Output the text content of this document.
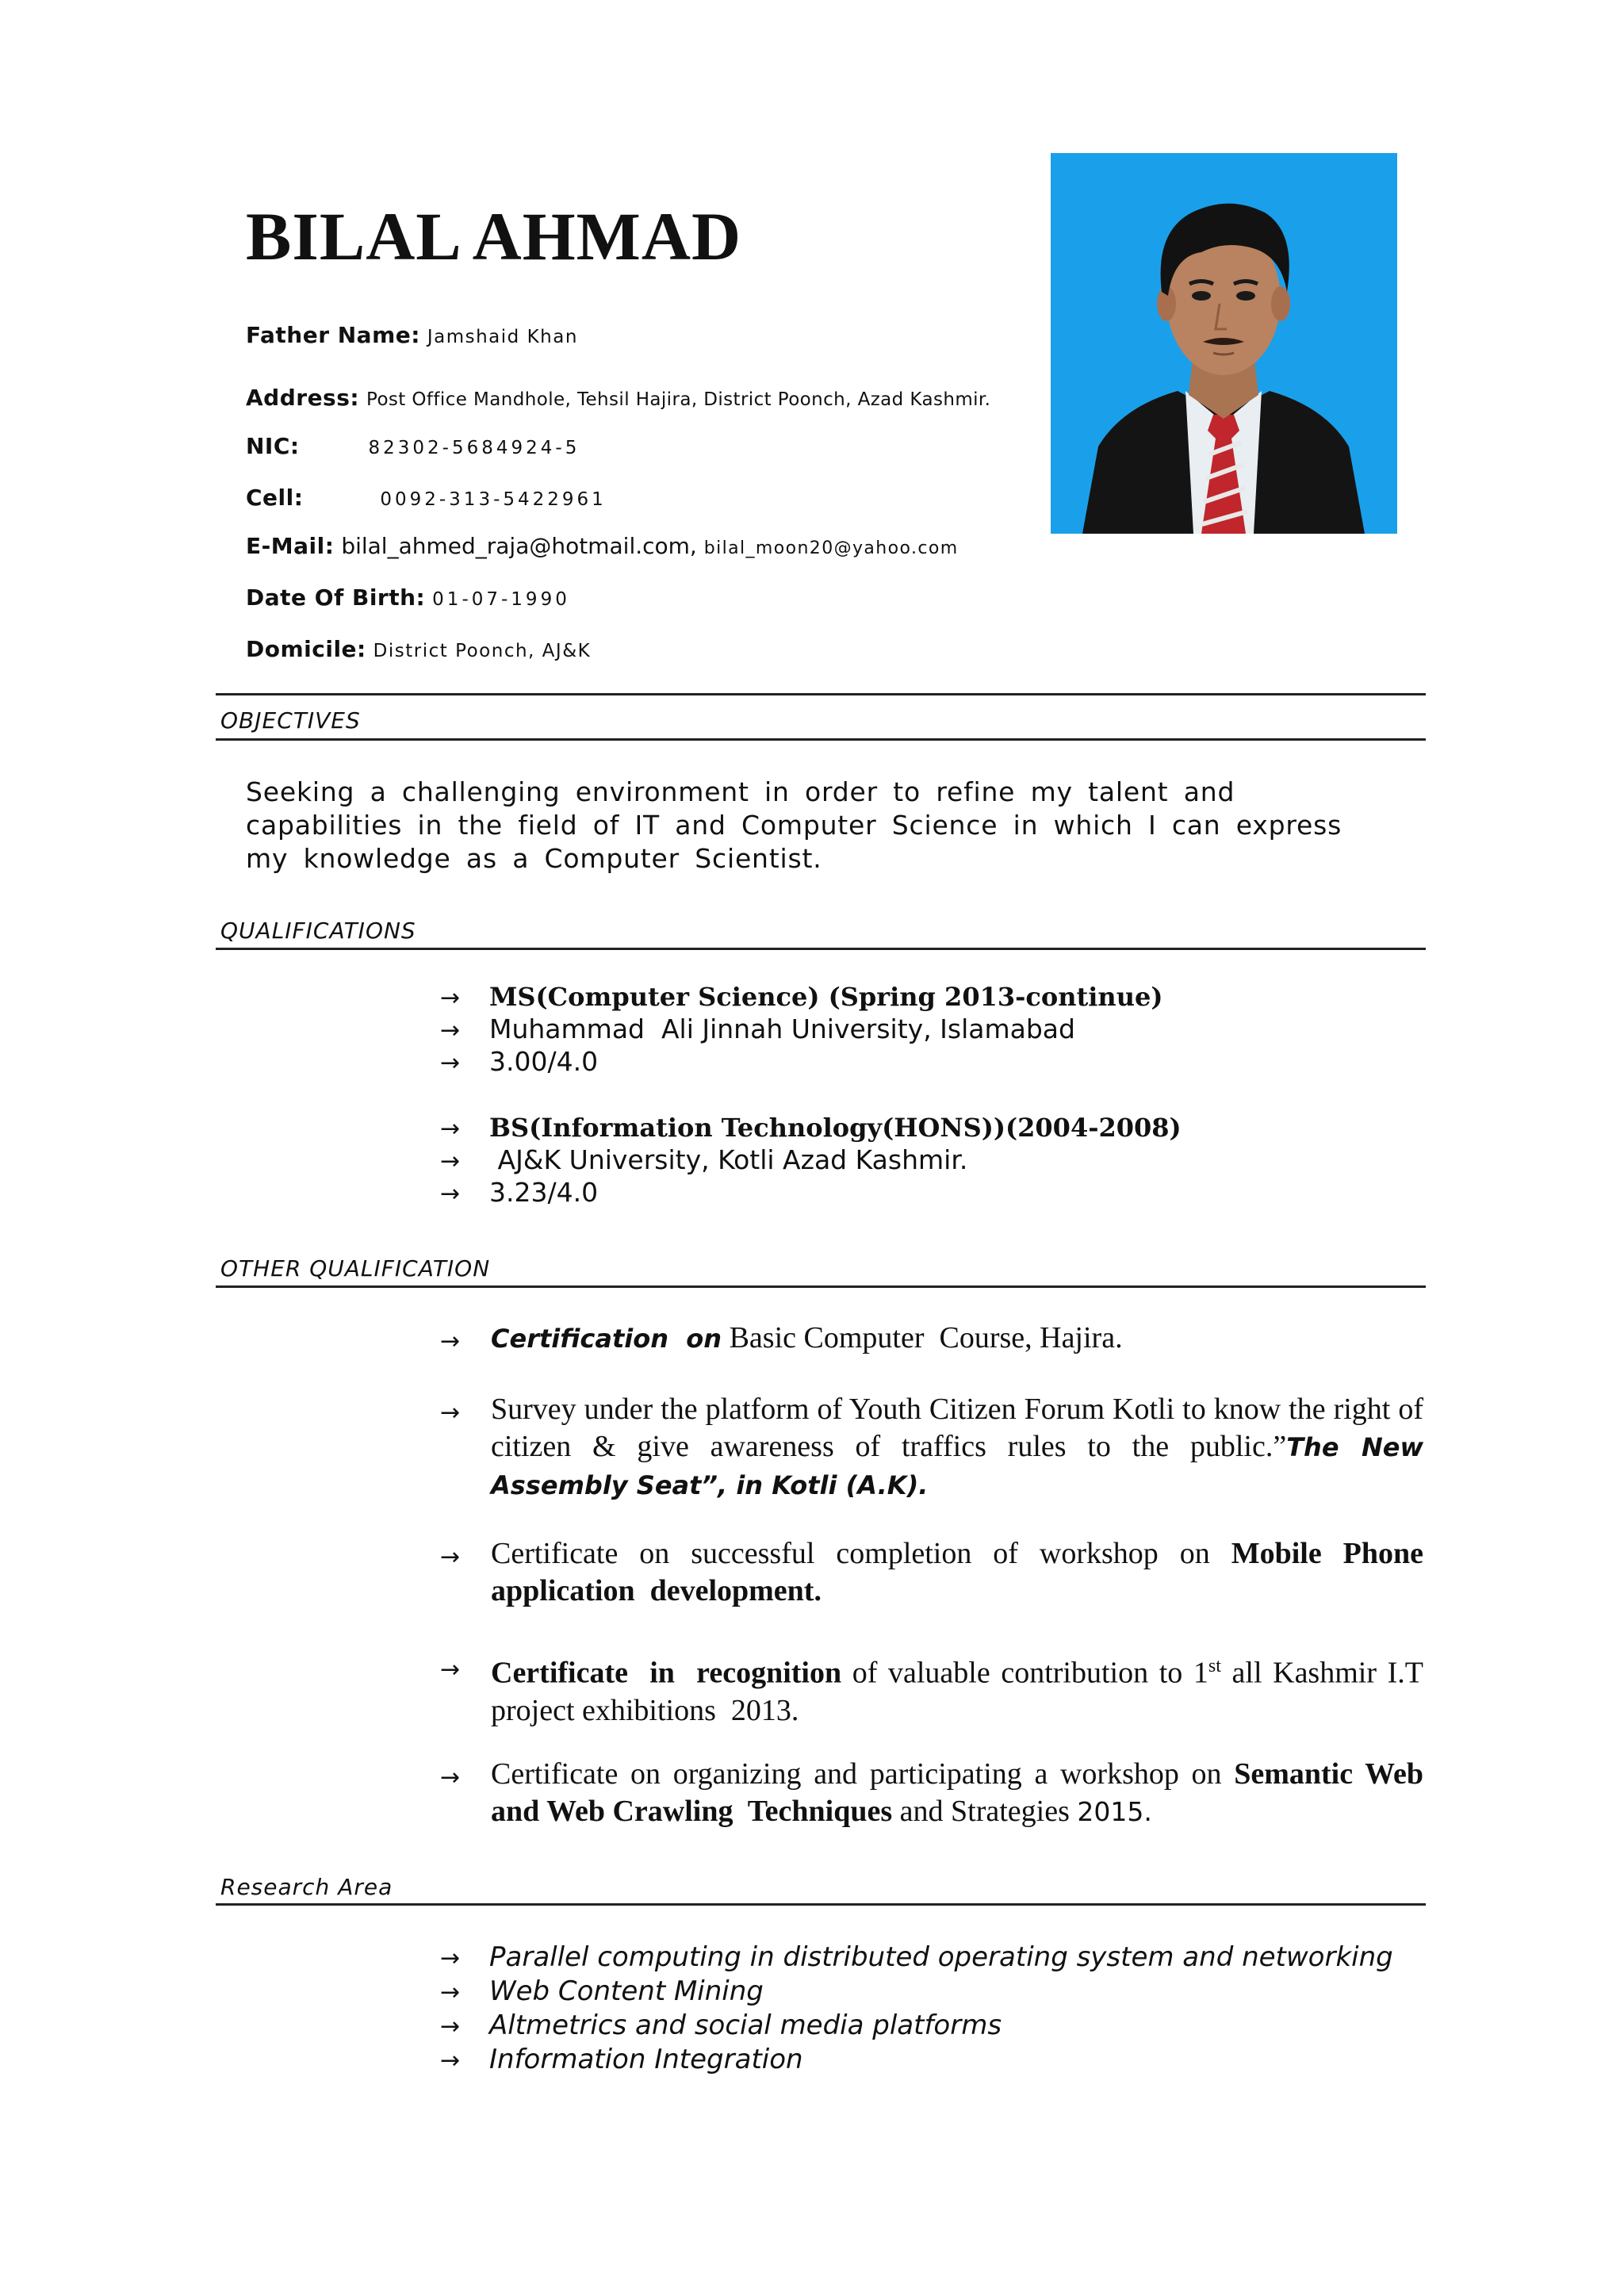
BILAL AHMAD
Father Name: Jamshaid Khan
Address: Post Office Mandhole, Tehsil Hajira, District Poonch, Azad Kashmir.
NIC:	82302-5684924-5
Cell:	0092-313-5422961
E-Mail: bilal_ahmed_raja@hotmail.com, bilal_moon20@yahoo.com
Date Of Birth: 01-07-1990
Domicile: District Poonch, AJ&K
OBJECTIVES
Seeking a challenging environment in order to refine my talent and capabilities in the field of IT and Computer Science in which I can express my knowledge as a Computer Scientist.
QUALIFICATIONS
→ MS(Computer Science) (Spring 2013-continue)
→ Muhammad  Ali Jinnah University, Islamabad
→ 3.00/4.0
→ BS(Information Technology(HONS))(2004-2008)
→ AJ&K University, Kotli Azad Kashmir.
→ 3.23/4.0
OTHER QUALIFICATION
→ Certification  on Basic Computer  Course, Hajira.
→ Survey under the platform of Youth Citizen Forum Kotli to know the right of citizen & give awareness of traffics rules to the public.”The New Assembly Seat”, in Kotli (A.K).
→ Certificate on successful completion of workshop on Mobile Phone application  development.
→ Certificate  in  recognition of valuable contribution to 1st all Kashmir I.T project exhibitions  2013.
→ Certificate on organizing and participating a workshop on Semantic Web and Web Crawling  Techniques and Strategies 2015.
Research Area
→ Parallel computing in distributed operating system and networking
→ Web Content Mining
→ Altmetrics and social media platforms
→ Information Integration
